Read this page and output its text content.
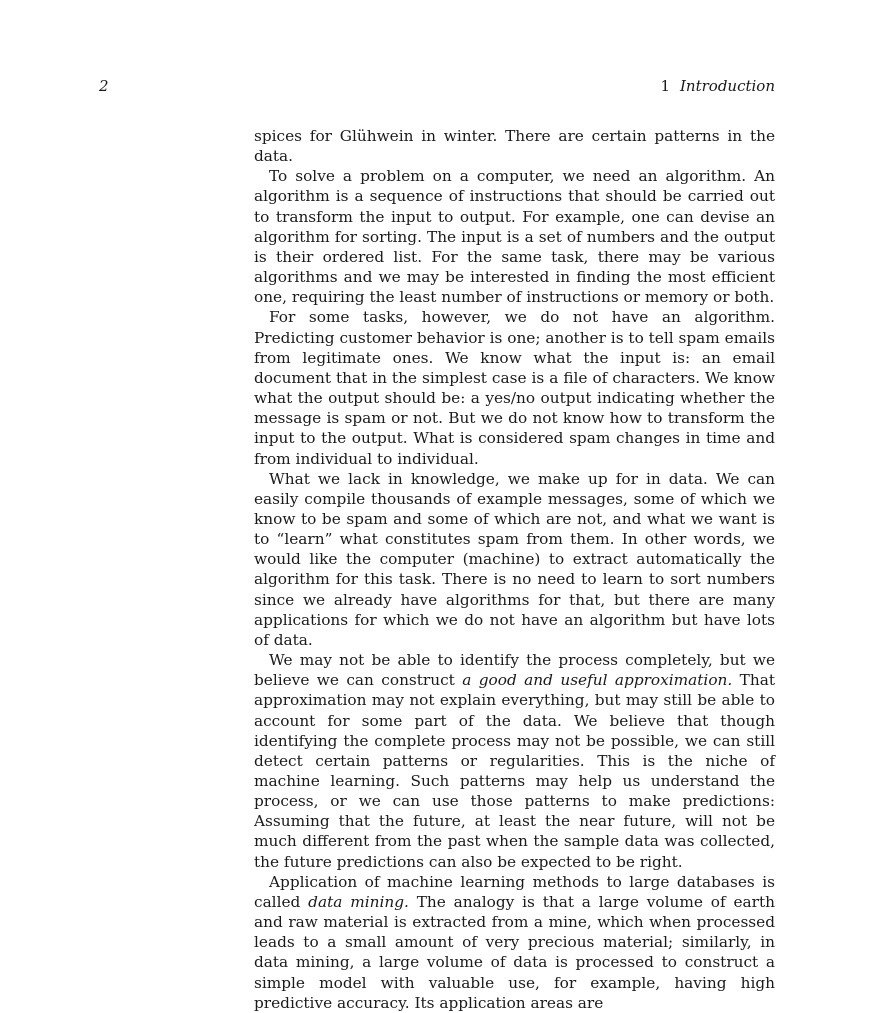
2	1 Introduction

spices for Glühwein in winter. There are certain patterns in the data.

To solve a problem on a computer, we need an algorithm. An algorithm is a sequence of instructions that should be carried out to transform the input to output. For example, one can devise an algorithm for sorting. The input is a set of numbers and the output is their ordered list. For the same task, there may be various algorithms and we may be interested in finding the most efficient one, requiring the least number of instructions or memory or both.

For some tasks, however, we do not have an algorithm. Predicting customer behavior is one; another is to tell spam emails from legitimate ones. We know what the input is: an email document that in the simplest case is a file of characters. We know what the output should be: a yes/no output indicating whether the message is spam or not. But we do not know how to transform the input to the output. What is considered spam changes in time and from individual to individual.

What we lack in knowledge, we make up for in data. We can easily compile thousands of example messages, some of which we know to be spam and some of which are not, and what we want is to “learn” what constitutes spam from them. In other words, we would like the computer (machine) to extract automatically the algorithm for this task. There is no need to learn to sort numbers since we already have algorithms for that, but there are many applications for which we do not have an algorithm but have lots of data.

We may not be able to identify the process completely, but we believe we can construct a good and useful approximation. That approximation may not explain everything, but may still be able to account for some part of the data. We believe that though identifying the complete process may not be possible, we can still detect certain patterns or regularities. This is the niche of machine learning. Such patterns may help us understand the process, or we can use those patterns to make predictions: Assuming that the future, at least the near future, will not be much different from the past when the sample data was collected, the future predictions can also be expected to be right.

Application of machine learning methods to large databases is called data mining. The analogy is that a large volume of earth and raw material is extracted from a mine, which when processed leads to a small amount of very precious material; similarly, in data mining, a large volume of data is processed to construct a simple model with valuable use, for example, having high predictive accuracy. Its application areas are
